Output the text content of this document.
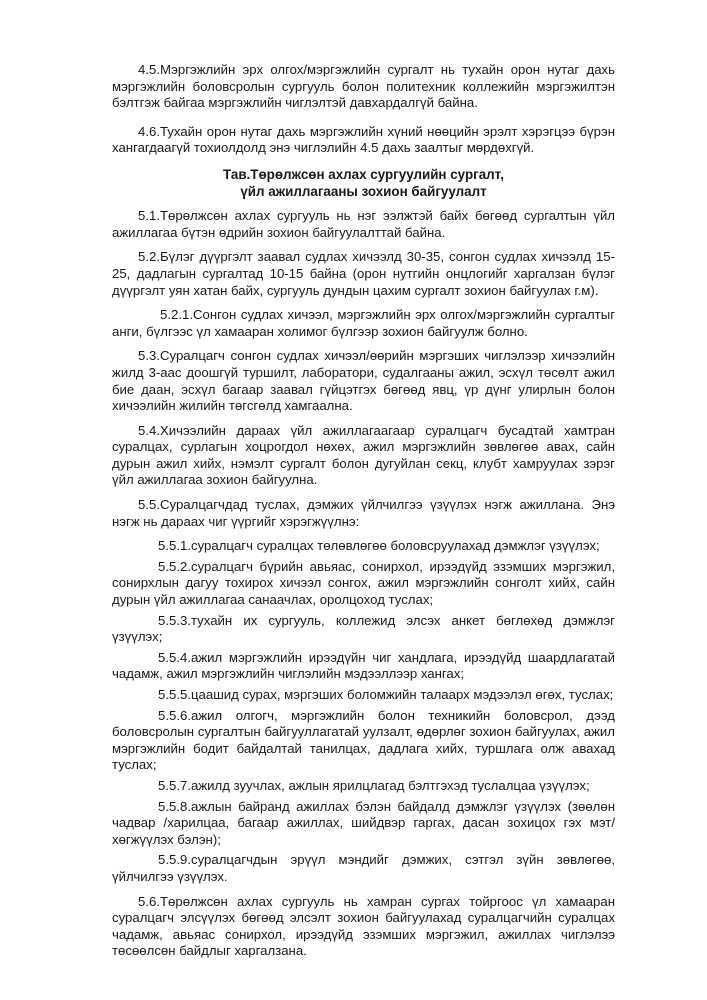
4.5.Мэргэжлийн эрх олгох/мэргэжлийн сургалт нь тухайн орон нутаг дахь мэргэжлийн боловсролын сургууль болон политехник коллежийн мэргэжилтэн бэлтгэж байгаа мэргэжлийн чиглэлтэй давхардалгүй байна.

4.6.Тухайн орон нутаг дахь мэргэжлийн хүний нөөцийн эрэлт хэрэгцээ бүрэн хангагдаагүй тохиолдолд энэ чиглэлийн 4.5 дахь заалтыг мөрдөхгүй.

Тав.Төрөлжсөн ахлах сургуулийн сургалт,
үйл ажиллагааны зохион байгуулалт

5.1.Төрөлжсөн ахлах сургууль нь нэг ээлжтэй байх бөгөөд сургалтын үйл ажиллагаа бүтэн өдрийн зохион байгуулалттай байна.

5.2.Бүлэг дүүргэлт заавал судлах хичээлд 30-35, сонгон судлах хичээлд 15-25, дадлагын сургалтад 10-15 байна (орон нутгийн онцлогийг харгалзан бүлэг дүүргэлт уян хатан байх, сургууль дундын цахим сургалт зохион байгуулах г.м).

5.2.1.Сонгон судлах хичээл, мэргэжлийн эрх олгох/мэргэжлийн сургалтыг анги, бүлгээс үл хамааран холимог бүлгээр зохион байгуулж болно.

5.3.Суралцагч сонгон судлах хичээл/өөрийн мэргэших чиглэлээр хичээлийн жилд 3-аас доошгүй туршилт, лаборатори, судалгааны ажил, эсхүл төсөлт ажил бие даан, эсхүл багаар заавал гүйцэтгэх бөгөөд явц, үр дүнг улирлын болон хичээлийн жилийн төгсгөлд хамгаална.

5.4.Хичээлийн дараах үйл ажиллагаагаар суралцагч бусадтай хамтран суралцах, сурлагын хоцрогдол нөхөх, ажил мэргэжлийн зөвлөгөө авах, сайн дурын ажил хийх, нэмэлт сургалт болон дугуйлан секц, клубт хамруулах зэрэг үйл ажиллагаа зохион байгуулна.

5.5.Суралцагчдад туслах, дэмжих үйлчилгээ үзүүлэх нэгж ажиллана. Энэ нэгж нь дараах чиг үүргийг хэрэгжүүлнэ:

5.5.1.суралцагч суралцах төлөвлөгөө боловсруулахад дэмжлэг үзүүлэх;

5.5.2.суралцагч бүрийн авьяас, сонирхол, ирээдүйд эзэмших мэргэжил, сонирхлын дагуу тохирох хичээл сонгох, ажил мэргэжлийн сонголт хийх, сайн дурын үйл ажиллагаа санаачлах, оролцоход туслах;

5.5.3.тухайн их сургууль, коллежид элсэх анкет бөглөхөд дэмжлэг үзүүлэх;

5.5.4.ажил мэргэжлийн ирээдүйн чиг хандлага, ирээдүйд шаардлагатай чадамж, ажил мэргэжлийн чиглэлийн мэдээллээр хангах;

5.5.5.цаашид сурах, мэргэших боломжийн талаарх мэдээлэл өгөх, туслах;

5.5.6.ажил олгогч, мэргэжлийн болон техникийн боловсрол, дээд боловсролын сургалтын байгууллагатай уулзалт, өдөрлөг зохион байгуулах, ажил мэргэжлийн бодит байдалтай танилцах, дадлага хийх, туршлага олж авахад туслах;

5.5.7.ажилд зуучлах, ажлын ярилцлагад бэлтгэхэд туслалцаа үзүүлэх;

5.5.8.ажлын байранд ажиллах бэлэн байдалд дэмжлэг үзүүлэх (зөөлөн чадвар /харилцаа, багаар ажиллах, шийдвэр гаргах, дасан зохицох гэх мэт/ хөгжүүлэх бэлэн);

5.5.9.суралцагчдын эрүүл мэндийг дэмжих, сэтгэл зүйн зөвлөгөө, үйлчилгээ үзүүлэх.

5.6.Төрөлжсөн ахлах сургууль нь хамран сургах тойргоос үл хамааран суралцагч элсүүлэх бөгөөд элсэлт зохион байгуулахад суралцагчийн суралцах чадамж, авьяас сонирхол, ирээдүйд эзэмших мэргэжил, ажиллах чиглэлээ төсөөлсөн байдлыг харгалзана.
